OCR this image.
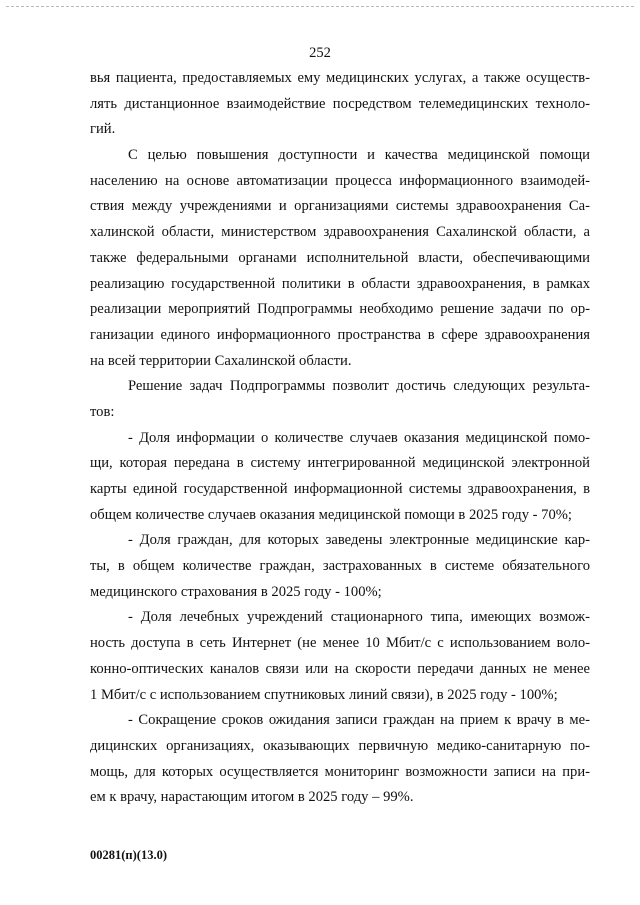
252
вья пациента, предоставляемых ему медицинских услугах, а также осуществ-
лять дистанционное взаимодействие посредством телемедицинских техноло-
гий.
С целью повышения доступности и качества медицинской помощи
населению на основе автоматизации процесса информационного взаимодей-
ствия между учреждениями и организациями системы здравоохранения Са-
халинской области, министерством здравоохранения Сахалинской области, а
также федеральными органами исполнительной власти, обеспечивающими
реализацию государственной политики в области здравоохранения, в рамках
реализации мероприятий Подпрограммы необходимо решение задачи по ор-
ганизации единого информационного пространства в сфере здравоохранения
на всей территории Сахалинской области.
Решение задач Подпрограммы позволит достичь следующих результа-
тов:
- Доля информации о количестве случаев оказания медицинской помо-
щи, которая передана в систему интегрированной медицинской электронной
карты единой государственной информационной системы здравоохранения, в
общем количестве случаев оказания медицинской помощи в 2025 году - 70%;
- Доля граждан, для которых заведены электронные медицинские кар-
ты, в общем количестве граждан, застрахованных в системе обязательного
медицинского страхования в 2025 году - 100%;
- Доля лечебных учреждений стационарного типа, имеющих возмож-
ность доступа в сеть Интернет (не менее 10 Мбит/с с использованием воло-
конно-оптических каналов связи или на скорости передачи данных не менее
1 Мбит/с с использованием спутниковых линий связи), в 2025 году - 100%;
- Сокращение сроков ожидания записи граждан на прием к врачу в ме-
дицинских организациях, оказывающих первичную медико-санитарную по-
мощь, для которых осуществляется мониторинг возможности записи на при-
ем к врачу, нарастающим итогом в 2025 году – 99%.
00281(п)(13.0)
